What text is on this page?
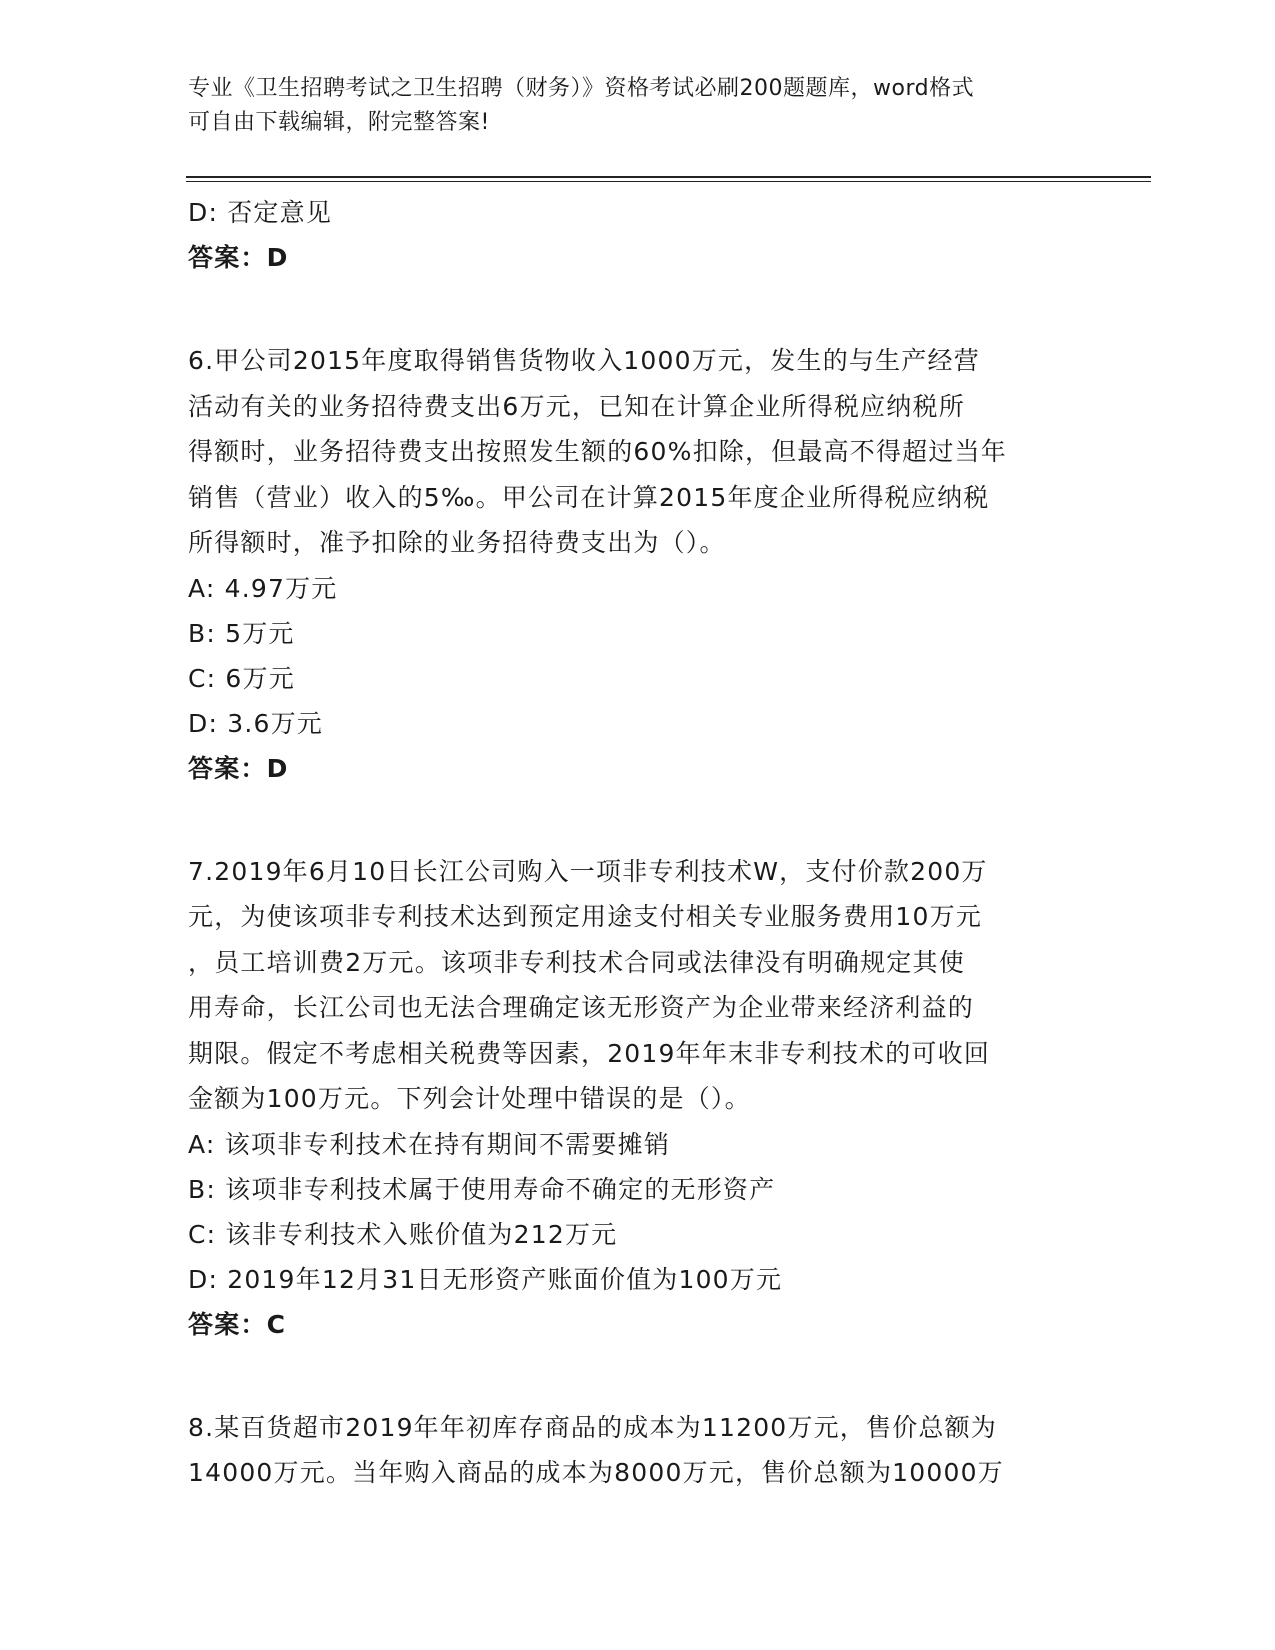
专业《卫生招聘考试之卫生招聘（财务）》资格考试必刷200题题库，word格式
可自由下载编辑，附完整答案!
D: 否定意见
答案：D
6.甲公司2015年度取得销售货物收入1000万元，发生的与生产经营
活动有关的业务招待费支出6万元，已知在计算企业所得税应纳税所
得额时，业务招待费支出按照发生额的60%扣除，但最高不得超过当年
销售（营业）收入的5‰。甲公司在计算2015年度企业所得税应纳税
所得额时，准予扣除的业务招待费支出为（）。
A: 4.97万元
B: 5万元
C: 6万元
D: 3.6万元
答案：D
7.2019年6月10日长江公司购入一项非专利技术W，支付价款200万
元，为使该项非专利技术达到预定用途支付相关专业服务费用10万元
，员工培训费2万元。该项非专利技术合同或法律没有明确规定其使
用寿命，长江公司也无法合理确定该无形资产为企业带来经济利益的
期限。假定不考虑相关税费等因素，2019年年末非专利技术的可收回
金额为100万元。下列会计处理中错误的是（）。
A: 该项非专利技术在持有期间不需要摊销
B: 该项非专利技术属于使用寿命不确定的无形资产
C: 该非专利技术入账价值为212万元
D: 2019年12月31日无形资产账面价值为100万元
答案：C
8.某百货超市2019年年初库存商品的成本为11200万元，售价总额为
14000万元。当年购入商品的成本为8000万元，售价总额为10000万
